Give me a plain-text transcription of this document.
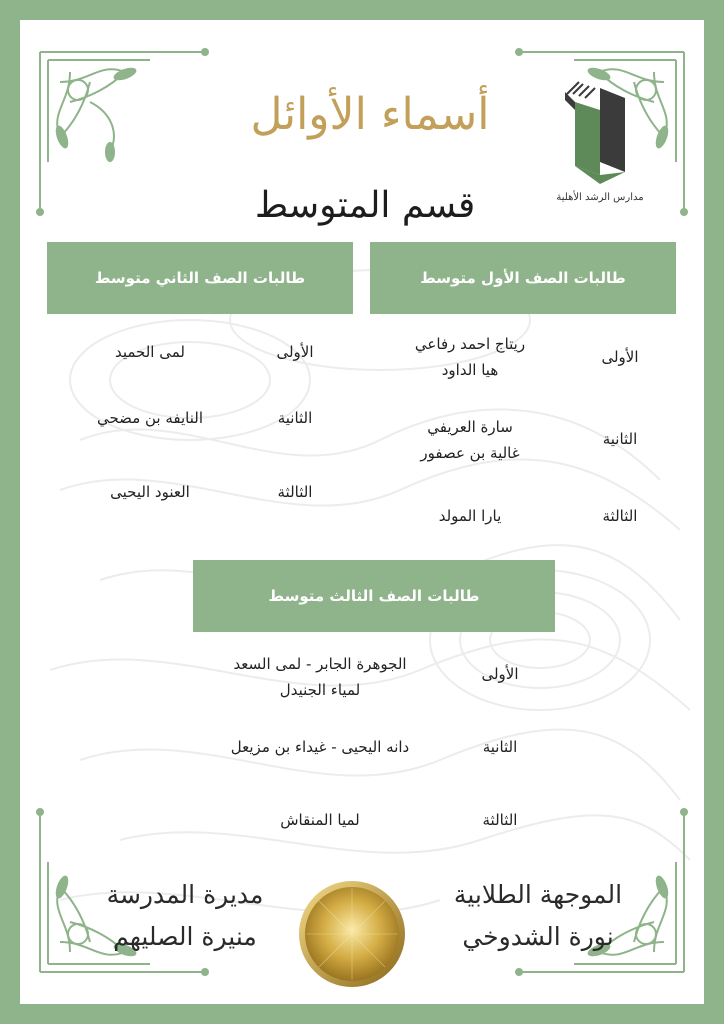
مدارس الرشد الأهلية
أسماء الأوائل
قسم المتوسط
طالبات الصف الأول متوسط
طالبات الصف الثاني متوسط
الأولى
ريتاج احمد رفاعي
هيا الداود
الثانية
سارة العريفي
غالية بن عصفور
الثالثة
يارا المولد
الأولى
لمى الحميد
الثانية
النايفه بن مضحي
الثالثة
العنود اليحيى
طالبات الصف الثالث متوسط
الأولى
الجوهرة الجابر - لمى السعد
لمياء الجنيدل
الثانية
دانه اليحيى - غيداء بن مزيعل
الثالثة
لميا المنقاش
الموجهة الطلابية
نورة الشدوخي
مديرة المدرسة
منيرة الصليهم
